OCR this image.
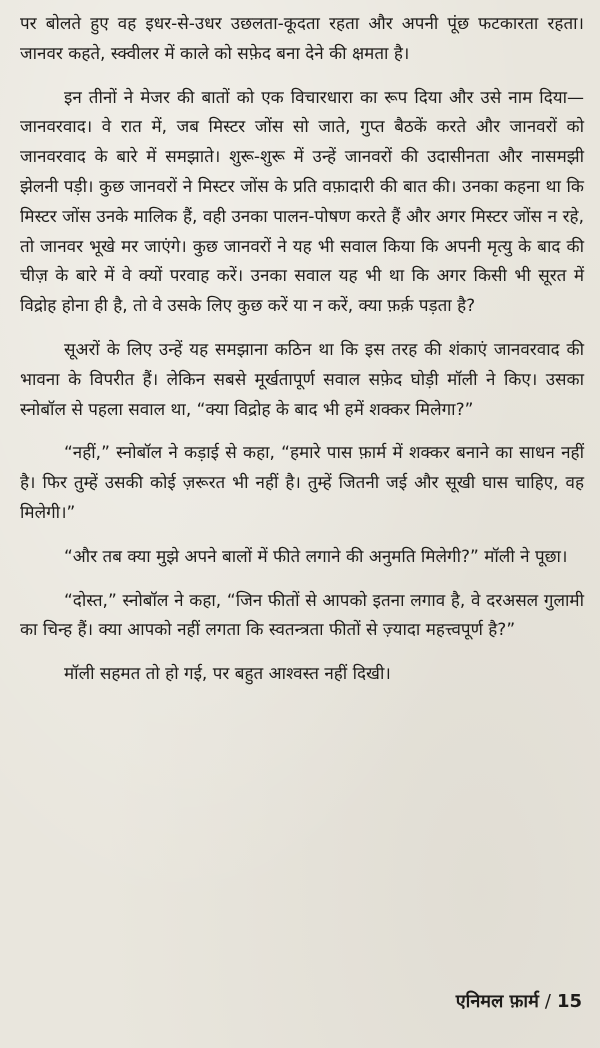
पर बोलते हुए वह इधर-से-उधर उछलता-कूदता रहता और अपनी पूंछ फटकारता रहता। जानवर कहते, स्क्वीलर में काले को सफ़ेद बना देने की क्षमता है।

इन तीनों ने मेजर की बातों को एक विचारधारा का रूप दिया और उसे नाम दिया— जानवरवाद। वे रात में, जब मिस्टर जोंस सो जाते, गुप्त बैठकें करते और जानवरों को जानवरवाद के बारे में समझाते। शुरू-शुरू में उन्हें जानवरों की उदासीनता और नासमझी झेलनी पड़ी। कुछ जानवरों ने मिस्टर जोंस के प्रति वफ़ादारी की बात की। उनका कहना था कि मिस्टर जोंस उनके मालिक हैं, वही उनका पालन-पोषण करते हैं और अगर मिस्टर जोंस न रहे, तो जानवर भूखे मर जाएंगे। कुछ जानवरों ने यह भी सवाल किया कि अपनी मृत्यु के बाद की चीज़ के बारे में वे क्यों परवाह करें। उनका सवाल यह भी था कि अगर किसी भी सूरत में विद्रोह होना ही है, तो वे उसके लिए कुछ करें या न करें, क्या फ़र्क़ पड़ता है?

सूअरों के लिए उन्हें यह समझाना कठिन था कि इस तरह की शंकाएं जानवरवाद की भावना के विपरीत हैं। लेकिन सबसे मूर्खतापूर्ण सवाल सफ़ेद घोड़ी मॉली ने किए। उसका स्नोबॉल से पहला सवाल था, “क्या विद्रोह के बाद भी हमें शक्कर मिलेगा?”

“नहीं,” स्नोबॉल ने कड़ाई से कहा, “हमारे पास फ़ार्म में शक्कर बनाने का साधन नहीं है। फिर तुम्हें उसकी कोई ज़रूरत भी नहीं है। तुम्हें जितनी जई और सूखी घास चाहिए, वह मिलेगी।”

“और तब क्या मुझे अपने बालों में फीते लगाने की अनुमति मिलेगी?” मॉली ने पूछा।

“दोस्त,” स्नोबॉल ने कहा, “जिन फीतों से आपको इतना लगाव है, वे दरअसल गुलामी का चिन्ह हैं। क्या आपको नहीं लगता कि स्वतन्त्रता फीतों से ज़्यादा महत्त्वपूर्ण है?”

मॉली सहमत तो हो गई, पर बहुत आश्वस्त नहीं दिखी।

एनिमल फ़ार्म / 15
